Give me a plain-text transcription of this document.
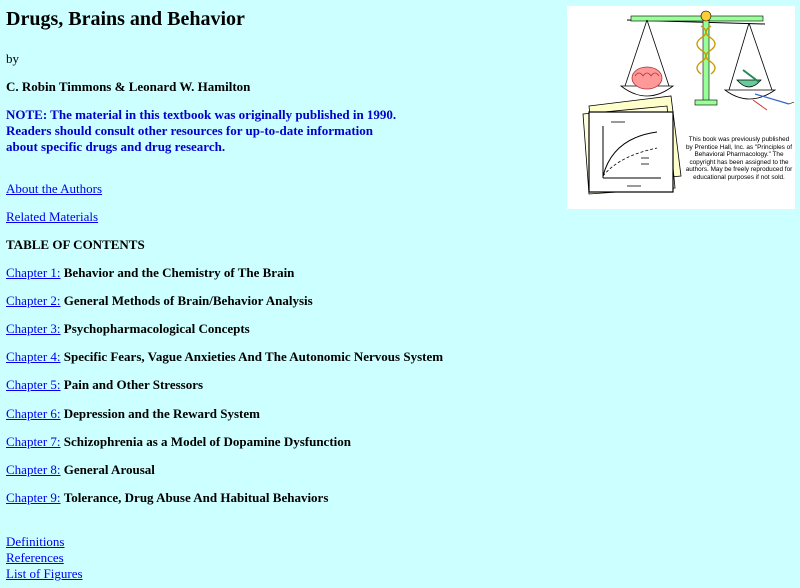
Drugs, Brains and Behavior
by
C. Robin Timmons & Leonard W. Hamilton
NOTE: The material in this textbook was originally published in 1990. Readers should consult other resources for up-to-date information about specific drugs and drug research.
About the Authors
Related Materials
TABLE OF CONTENTS
Chapter 1: Behavior and the Chemistry of The Brain
Chapter 2: General Methods of Brain/Behavior Analysis
Chapter 3: Psychopharmacological Concepts
Chapter 4: Specific Fears, Vague Anxieties And The Autonomic Nervous System
Chapter 5: Pain and Other Stressors
Chapter 6: Depression and the Reward System
Chapter 7: Schizophrenia as a Model of Dopamine Dysfunction
Chapter 8: General Arousal
Chapter 9: Tolerance, Drug Abuse And Habitual Behaviors
Definitions
References
List of Figures
This book was previously published by Prentice Hall, Inc. as "Principles of Behavioral Pharmacology." The copyright has been assigned to the authors. May be freely reproduced for educational purposes if not sold.
